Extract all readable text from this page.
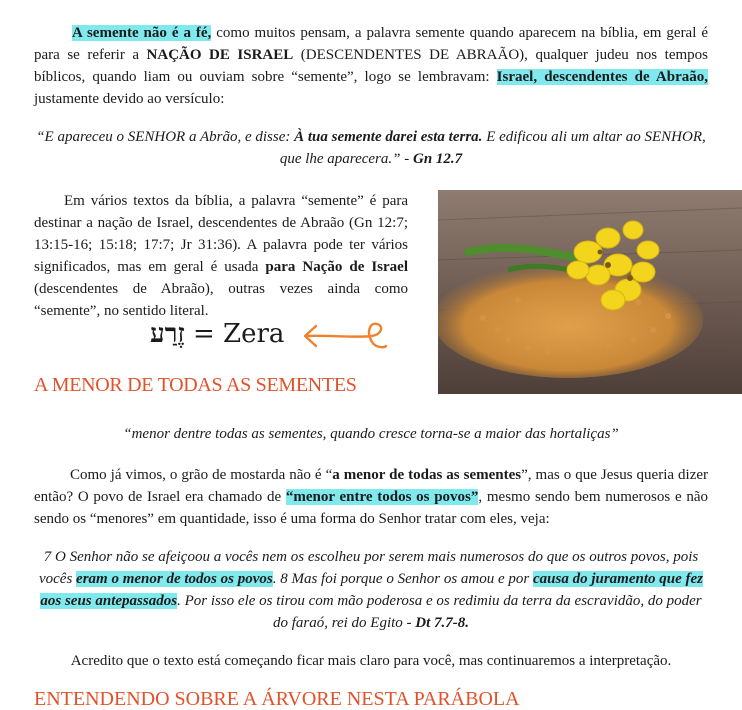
A semente não é a fé, como muitos pensam, a palavra semente quando aparecem na bíblia, em geral é para se referir a NAÇÃO DE ISRAEL (DESCENDENTES DE ABRAÃO), qualquer judeu nos tempos bíblicos, quando liam ou ouviam sobre “semente”, logo se lembravam: Israel, descendentes de Abraão, justamente devido ao versículo:

“E apareceu o SENHOR a Abrão, e disse: À tua semente darei esta terra. E edificou ali um altar ao SENHOR, que lhe aparecera.” - Gn 12.7

Em vários textos da bíblia, a palavra “semente” é para destinar a nação de Israel, descendentes de Abraão (Gn 12:7; 13:15-16; 15:18; 17:7; Jr 31:36). A palavra pode ter vários significados, mas em geral é usada para Nação de Israel (descendentes de Abraão), outras vezes ainda como “semente”, no sentido literal.

זֶרַע = Zera
A MENOR DE TODAS AS SEMENTES

“menor dentre todas as sementes, quando cresce torna-se a maior das hortaliças”

Como já vimos, o grão de mostarda não é “a menor de todas as sementes”, mas o que Jesus queria dizer então? O povo de Israel era chamado de “menor entre todos os povos”, mesmo sendo bem numerosos e não sendo os “menores” em quantidade, isso é uma forma do Senhor tratar com eles, veja:

7 O Senhor não se afeiçoou a vocês nem os escolheu por serem mais numerosos do que os outros povos, pois vocês eram o menor de todos os povos. 8 Mas foi porque o Senhor os amou e por causa do juramento que fez aos seus antepassados. Por isso ele os tirou com mão poderosa e os redimiu da terra da escravidão, do poder do faraó, rei do Egito - Dt 7.7-8.

Acredito que o texto está começando ficar mais claro para você, mas continuaremos a interpretação.

ENTENDENDO SOBRE A ÁRVORE NESTA PARÁBOLA
